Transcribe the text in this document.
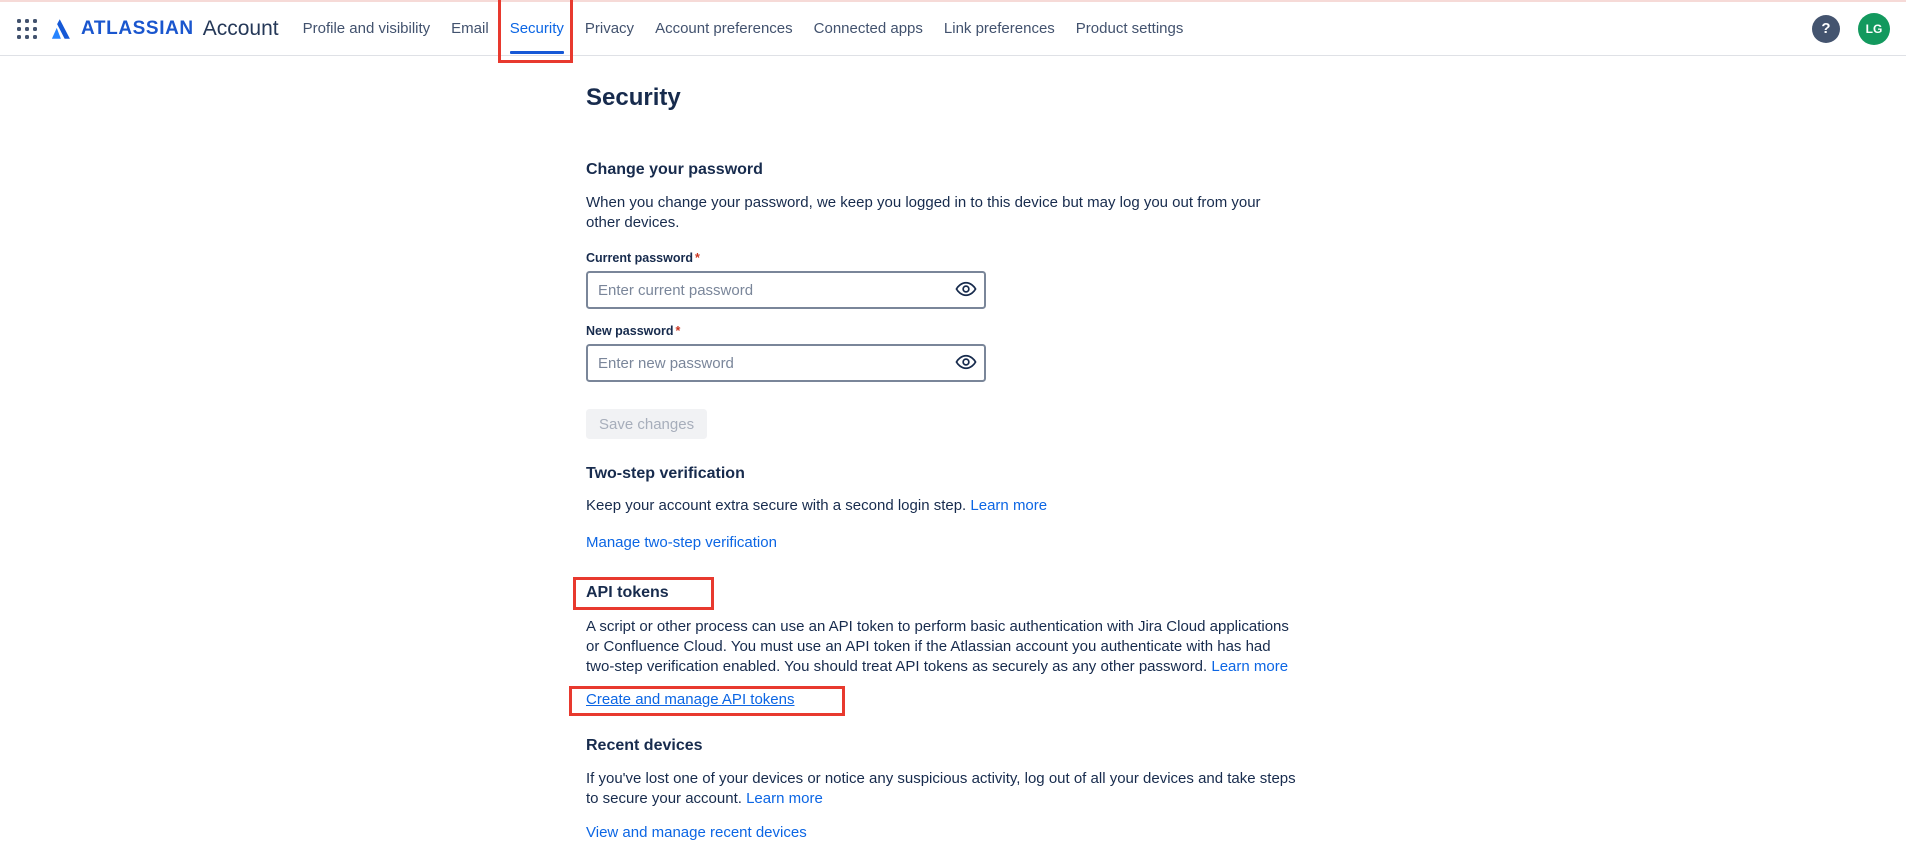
ATLASSIAN Account Profile and visibility Email Security Privacy Account preferences Connected apps Link preferences Product settings	?	LG
Security
Change your password

When you change your password, we keep you logged in to this device but may log you out from your other devices.

Current password *
Enter current password
New password *
Enter new password
Save changes
Two-step verification

Keep your account extra secure with a second login step. Learn more

Manage two-step verification
API tokens

A script or other process can use an API token to perform basic authentication with Jira Cloud applications or Confluence Cloud. You must use an API token if the Atlassian account you authenticate with has had two-step verification enabled. You should treat API tokens as securely as any other password. Learn more

Create and manage API tokens
Recent devices

If you've lost one of your devices or notice any suspicious activity, log out of all your devices and take steps to secure your account. Learn more

View and manage recent devices
